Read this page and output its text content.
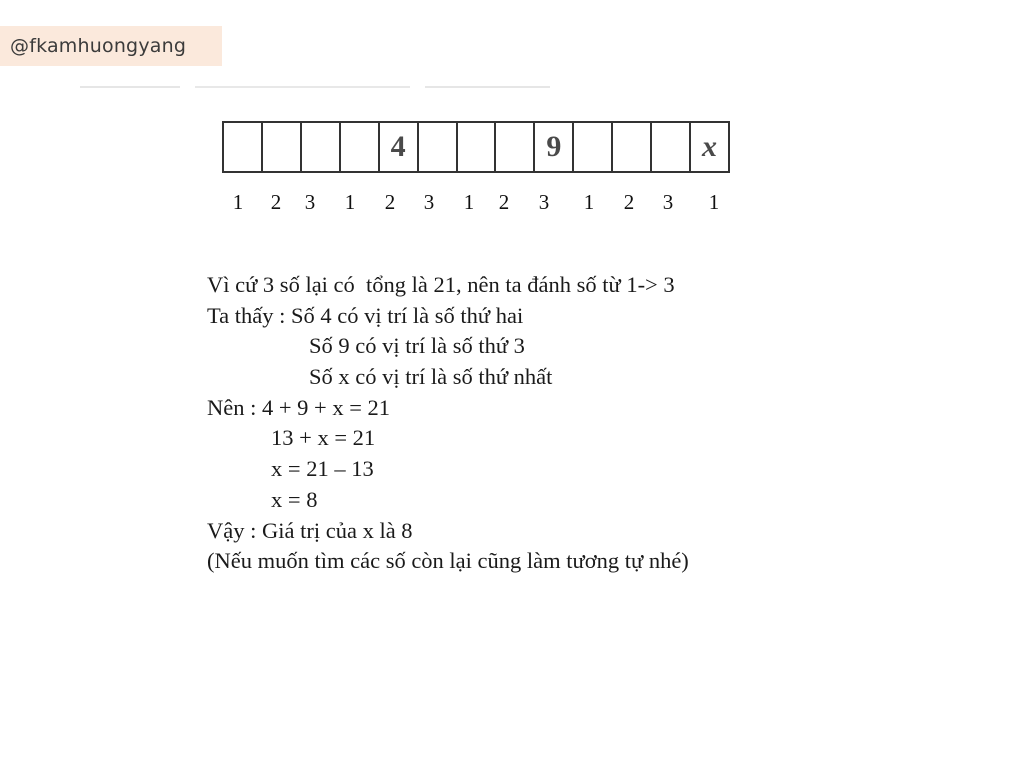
@fkamhuongyang
4	9	x
1 2 3 1 2 3 1 2 3 1 2 3 1
Vì cứ 3 số lại có  tổng là 21, nên ta đánh số từ 1-> 3
Ta thấy : Số 4 có vị trí là số thứ hai
Số 9 có vị trí là số thứ 3
Số x có vị trí là số thứ nhất
Nên : 4 + 9 + x = 21
13 + x = 21
x = 21 – 13
x = 8
Vậy : Giá trị của x là 8
(Nếu muốn tìm các số còn lại cũng làm tương tự nhé)
